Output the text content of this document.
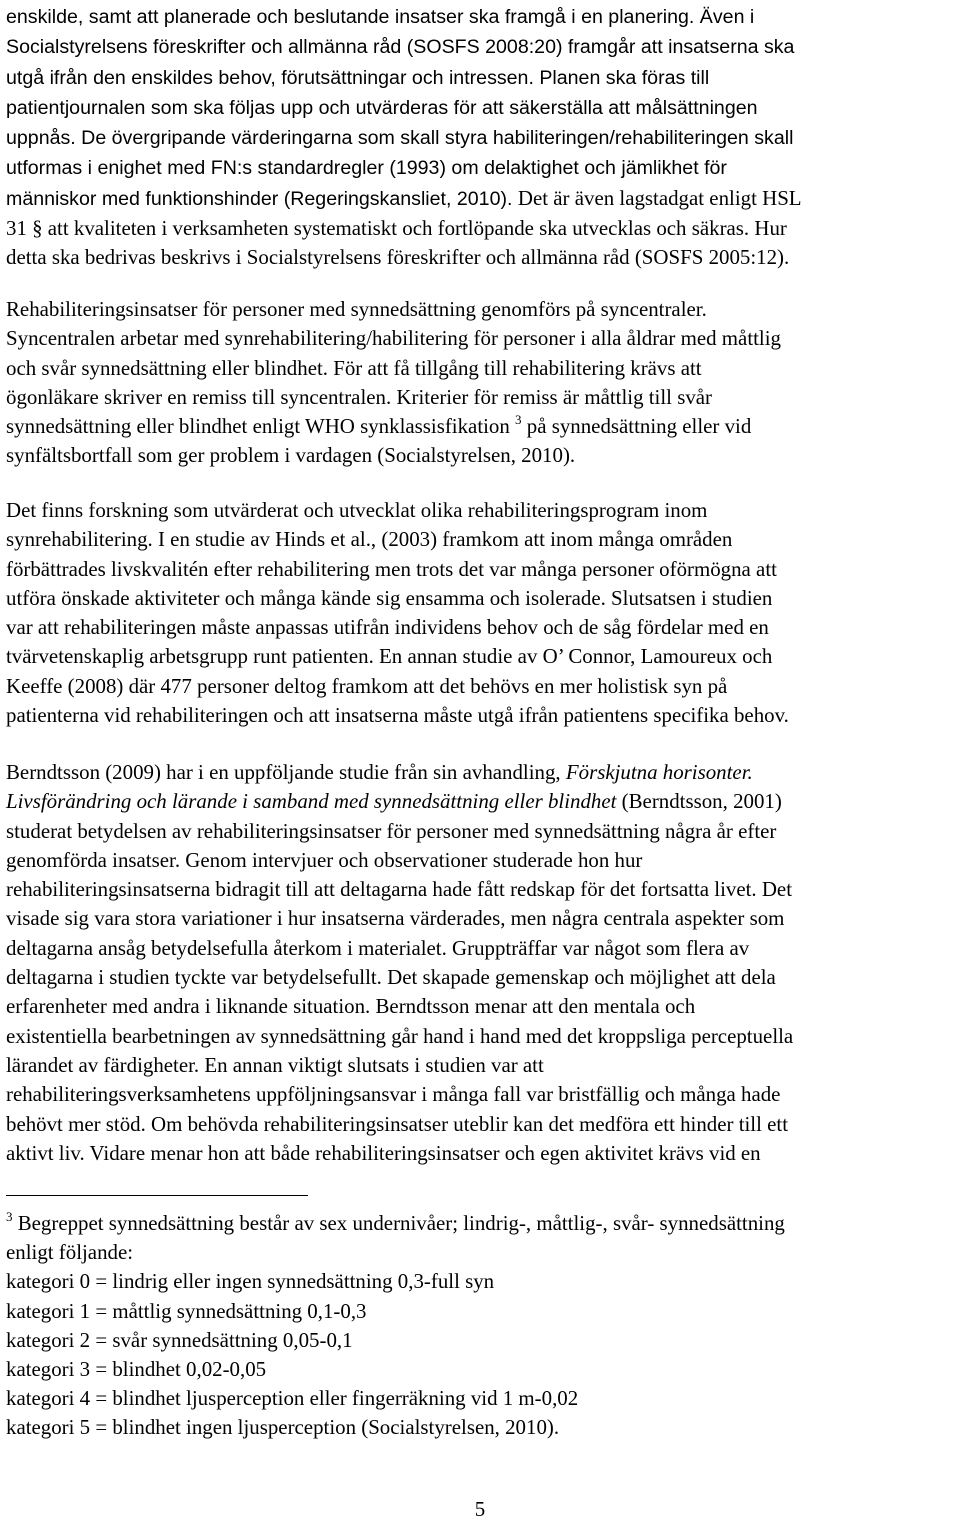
enskilde, samt att planerade och beslutande insatser ska framgå i en planering. Även i
Socialstyrelsens föreskrifter och allmänna råd (SOSFS 2008:20) framgår att insatserna ska
utgå ifrån den enskildes behov, förutsättningar och intressen. Planen ska föras till
patientjournalen som ska följas upp och utvärderas för att säkerställa att målsättningen
uppnås. De övergripande värderingarna som skall styra habiliteringen/rehabiliteringen skall
utformas i enighet med FN:s standardregler (1993) om delaktighet och jämlikhet för
människor med funktionshinder (Regeringskansliet, 2010). Det är även lagstadgat enligt HSL
31 § att kvaliteten i verksamheten systematiskt och fortlöpande ska utvecklas och säkras. Hur
detta ska bedrivas beskrivs i Socialstyrelsens föreskrifter och allmänna råd (SOSFS 2005:12).
Rehabiliteringsinsatser för personer med synnedsättning genomförs på syncentraler.
Syncentralen arbetar med synrehabilitering/habilitering för personer i alla åldrar med måttlig
och svår synnedsättning eller blindhet. För att få tillgång till rehabilitering krävs att
ögonläkare skriver en remiss till syncentralen. Kriterier för remiss är måttlig till svår
synnedsättning eller blindhet enligt WHO synklassisfikation $^3$ på synnedsättning eller vid
synfältsbortfall som ger problem i vardagen (Socialstyrelsen, 2010).
Det finns forskning som utvärderat och utvecklat olika rehabiliteringsprogram inom
synrehabilitering. I en studie av Hinds et al., (2003) framkom att inom många områden
förbättrades livskvalitén efter rehabilitering men trots det var många personer oförmögna att
utföra önskade aktiviteter och många kände sig ensamma och isolerade. Slutsatsen i studien
var att rehabiliteringen måste anpassas utifrån individens behov och de såg fördelar med en
tvärvetenskaplig arbetsgrupp runt patienten. En annan studie av O’ Connor, Lamoureux och
Keeffe (2008) där 477 personer deltog framkom att det behövs en mer holistisk syn på
patienterna vid rehabiliteringen och att insatserna måste utgå ifrån patientens specifika behov.
Berndtsson (2009) har i en uppföljande studie från sin avhandling, Förskjutna horisonter.
Livsförändring och lärande i samband med synnedsättning eller blindhet (Berndtsson, 2001)
studerat betydelsen av rehabiliteringsinsatser för personer med synnedsättning några år efter
genomförda insatser. Genom intervjuer och observationer studerade hon hur
rehabiliteringsinsatserna bidragit till att deltagarna hade fått redskap för det fortsatta livet. Det
visade sig vara stora variationer i hur insatserna värderades, men några centrala aspekter som
deltagarna ansåg betydelsefulla återkom i materialet. Gruppträffar var något som flera av
deltagarna i studien tyckte var betydelsefullt. Det skapade gemenskap och möjlighet att dela
erfarenheter med andra i liknande situation. Berndtsson menar att den mentala och
existentiella bearbetningen av synnedsättning går hand i hand med det kroppsliga perceptuella
lärandet av färdigheter. En annan viktigt slutsats i studien var att
rehabiliteringsverksamhetens uppföljningsansvar i många fall var bristfällig och många hade
behövt mer stöd. Om behövda rehabiliteringsinsatser uteblir kan det medföra ett hinder till ett
aktivt liv. Vidare menar hon att både rehabiliteringsinsatser och egen aktivitet krävs vid en
$^3$ Begreppet synnedsättning består av sex undernivåer; lindrig-, måttlig-, svår- synnedsättning
enligt följande:
kategori 0 = lindrig eller ingen synnedsättning 0,3-full syn
kategori 1 = måttlig synnedsättning 0,1-0,3
kategori 2 = svår synnedsättning 0,05-0,1
kategori 3 = blindhet 0,02-0,05
kategori 4 = blindhet ljusperception eller fingerräkning vid 1 m-0,02
kategori 5 = blindhet ingen ljusperception (Socialstyrelsen, 2010).
5
